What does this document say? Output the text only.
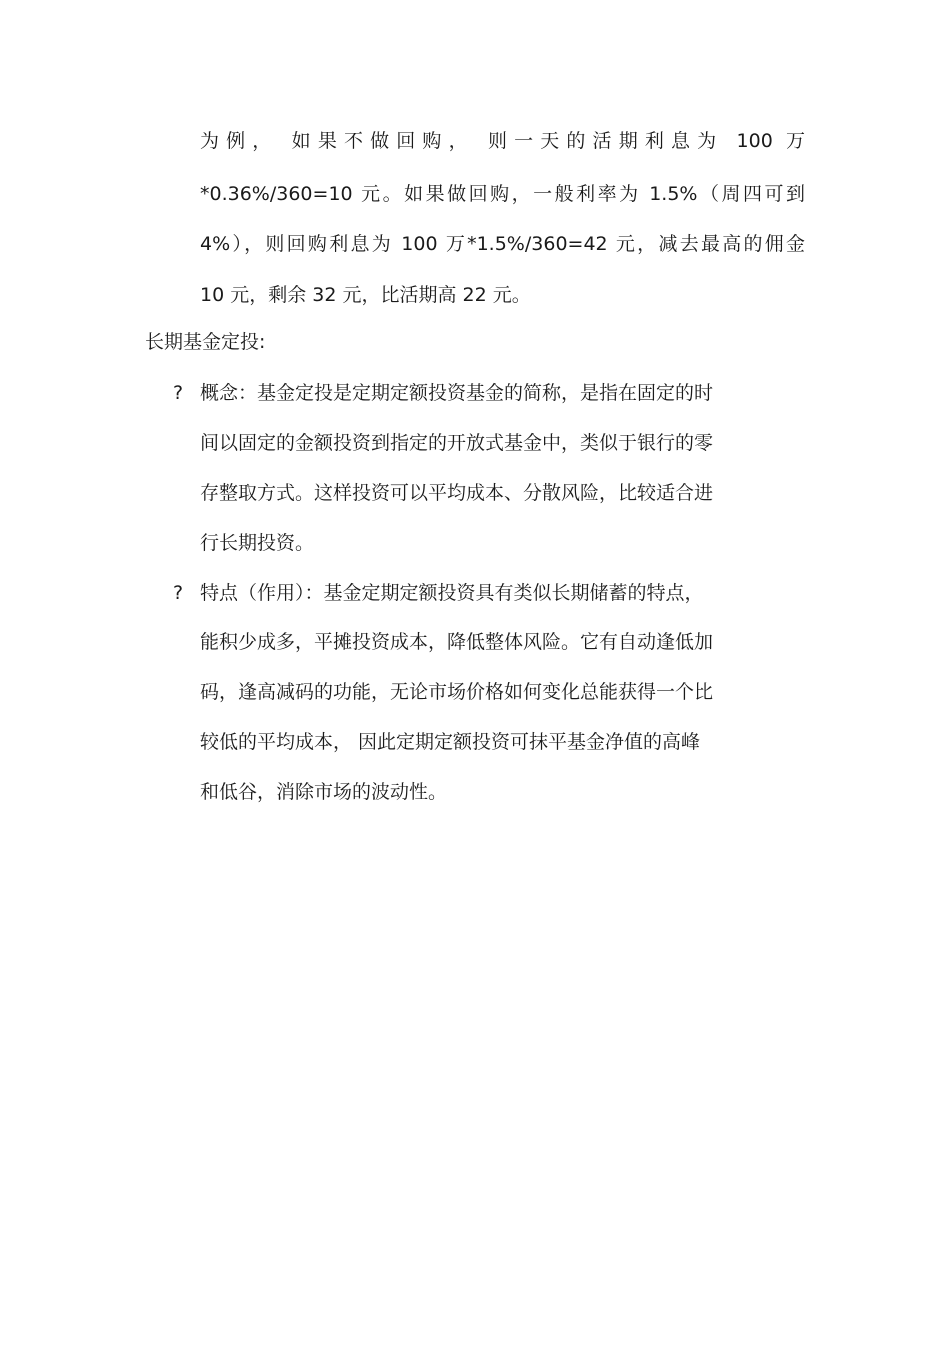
为例， 如果不做回购， 则一天的活期利息为 100 万
*0.36%/360=10 元。如果做回购，一般利率为 1.5%（周四可到
4%），则回购利息为 100 万*1.5%/360=42 元，减去最高的佣金
10 元，剩余 32 元，比活期高 22 元。
长期基金定投:
? 概念：基金定投是定期定额投资基金的简称，是指在固定的时
间以固定的金额投资到指定的开放式基金中，类似于银行的零
存整取方式。这样投资可以平均成本、分散风险，比较适合进
行长期投资。
? 特点（作用）：基金定期定额投资具有类似长期储蓄的特点，
能积少成多，平摊投资成本，降低整体风险。它有自动逢低加
码，逢高减码的功能，无论市场价格如何变化总能获得一个比
较低的平均成本， 因此定期定额投资可抹平基金净值的高峰
和低谷，消除市场的波动性。
